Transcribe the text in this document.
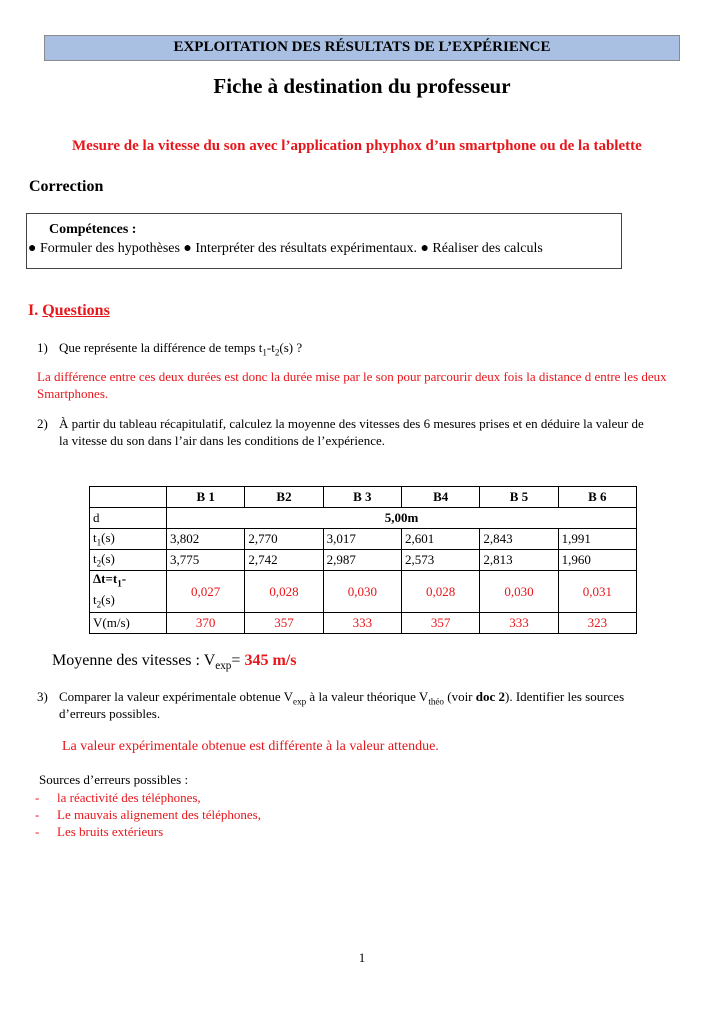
EXPLOITATION DES RÉSULTATS DE L’EXPÉRIENCE
Fiche à destination du professeur
Mesure de la vitesse du son avec l’application phyphox d’un smartphone ou de la tablette
Correction
Compétences :
● Formuler des hypothèses ● Interpréter des résultats expérimentaux. ● Réaliser des calculs
I. Questions
1) Que représente la différence de temps $t_1-t_2(s)$ ?
La différence entre ces deux durées est donc la durée mise par le son pour parcourir deux fois la distance d entre les deux
Smartphones.
2) À partir du tableau récapitulatif, calculez la moyenne des vitesses des 6 mesures prises et en déduire la valeur de
la vitesse du son dans l’air dans les conditions de l’expérience.
	B 1	B2	B 3	B4	B 5	B 6
d	5,00m					
$t_1(s)$	3,802	2,770	3,017	2,601	2,843	1,991
$t_2(s)$	3,775	2,742	2,987	2,573	2,813	1,960
$\Delta t=t_1-$
$t_2(s)$	0,027	0,028	0,030	0,028	0,030	0,031
V(m/s)	370	357	333	357	333	323
Moyenne des vitesses : $V_{exp}= 345$ m/s
3) Comparer la valeur expérimentale obtenue $V_{exp}$ à la valeur théorique $V_{théo}$ (voir doc 2). Identifier les sources
d’erreurs possibles.
La valeur expérimentale obtenue est différente à la valeur attendue.
Sources d’erreurs possibles :
- la réactivité des téléphones,
- Le mauvais alignement des téléphones,
- Les bruits extérieurs
1
